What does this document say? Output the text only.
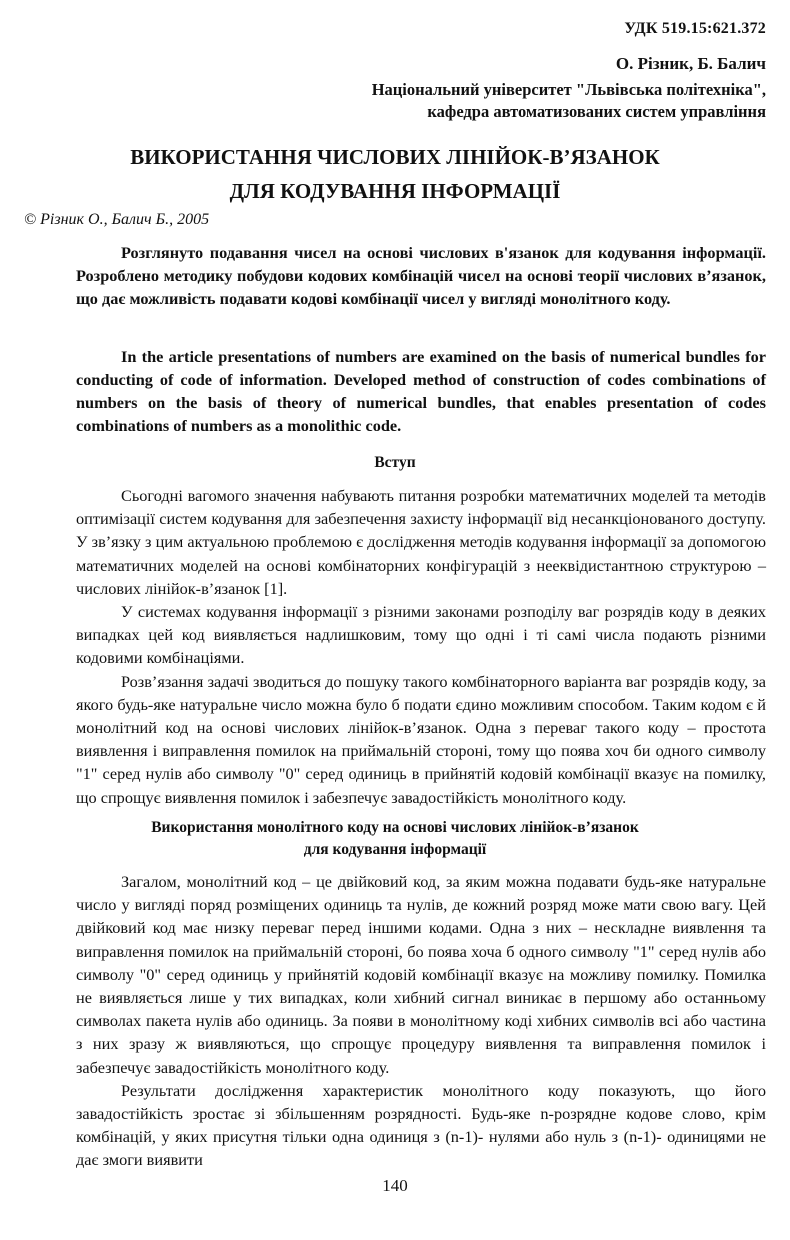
УДК 519.15:621.372
О. Різник, Б. Балич
Національний університет "Львівська політехніка",
кафедра автоматизованих систем управління
ВИКОРИСТАННЯ ЧИСЛОВИХ ЛІНІЙОК-В’ЯЗАНОК
ДЛЯ КОДУВАННЯ ІНФОРМАЦІЇ
© Різник О., Балич Б., 2005
Розглянуто подавання чисел на основі числових в'язанок для кодування інформації. Розроблено методику побудови кодових комбінацій чисел на основі теорії числових в’язанок, що дає можливість подавати кодові комбінації чисел у вигляді монолітного коду.
In the article presentations of numbers are examined on the basis of numerical bundles for conducting of code of information. Developed method of construction of codes combinations of numbers on the basis of theory of numerical bundles, that enables presentation of codes combinations of numbers as a monolithic code.
Вступ

Сьогодні вагомого значення набувають питання розробки математичних моделей та методів оптимізації систем кодування для забезпечення захисту інформації від несанкціонованого доступу. У зв’язку з цим актуальною проблемою є дослідження методів кодування інформації за допомогою математичних моделей на основі комбінаторних конфігурацій з нееквідистантною структурою – числових лінійок-в’язанок [1].

У системах кодування інформації з різними законами розподілу ваг розрядів коду в деяких випадках цей код виявляється надлишковим, тому що одні і ті самі числа подають різними кодовими комбінаціями.

Розв’язання задачі зводиться до пошуку такого комбінаторного варіанта ваг розрядів коду, за якого будь-яке натуральне число можна було б подати єдино можливим способом. Таким кодом є й монолітний код на основі числових лінійок-в’язанок. Одна з переваг такого коду – простота виявлення і виправлення помилок на приймальній стороні, тому що поява хоч би одного символу "1" серед нулів або символу "0" серед одиниць в прийнятій кодовій комбінації вказує на помилку, що спрощує виявлення помилок і забезпечує завадостійкість монолітного коду.

Використання монолітного коду на основі числових лінійок-в’язанок
для кодування інформації

Загалом, монолітний код – це двійковий код, за яким можна подавати будь-яке натуральне число у вигляді поряд розміщених одиниць та нулів, де кожний розряд може мати свою вагу. Цей двійковий код має низку переваг перед іншими кодами. Одна з них – нескладне виявлення та виправлення помилок на приймальній стороні, бо поява хоча б одного символу "1" серед нулів або символу "0" серед одиниць у прийнятій кодовій комбінації вказує на можливу помилку. Помилка не виявляється лише у тих випадках, коли хибний сигнал виникає в першому або останньому символах пакета нулів або одиниць. За появи в монолітному коді хибних символів всі або частина з них зразу ж виявляються, що спрощує процедуру виявлення та виправлення помилок і забезпечує завадостійкість монолітного коду.

Результати дослідження характеристик монолітного коду показують, що його завадостійкість зростає зі збільшенням розрядності. Будь-яке n-розрядне кодове слово, крім комбінацій, у яких присутня тільки одна одиниця з (n-1)- нулями або нуль з (n-1)- одиницями не дає змоги виявити

140
